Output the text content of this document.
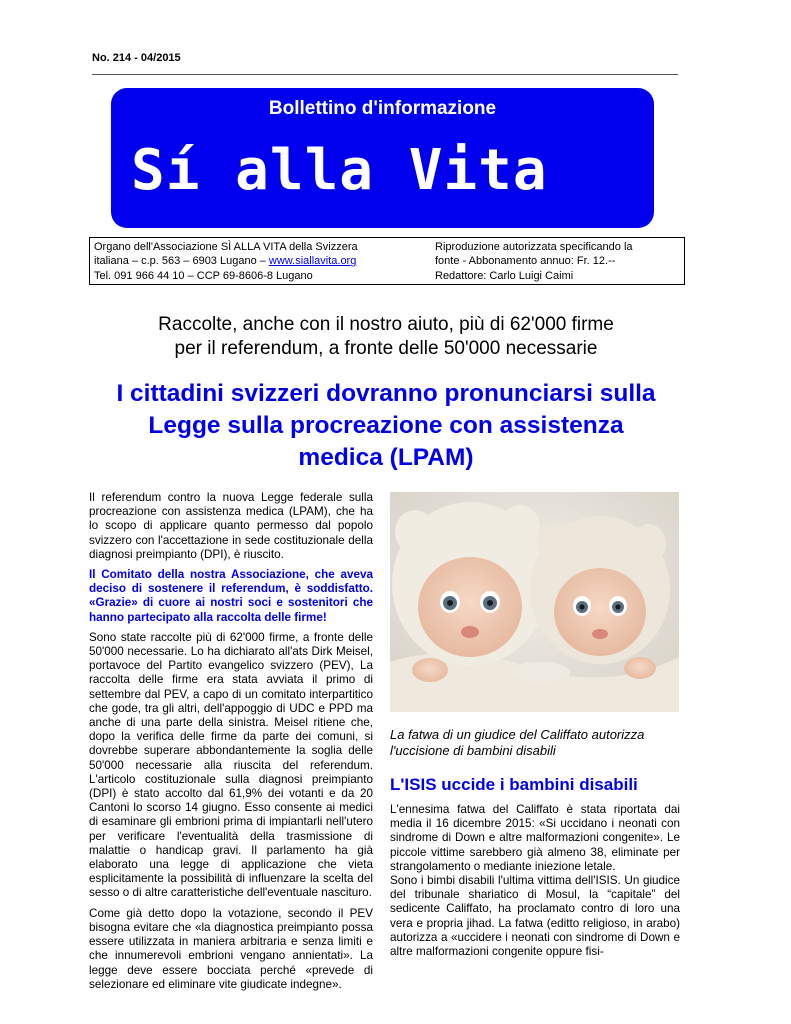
No. 214 - 04/2015
Bollettino d'informazione
Sí alla Vita
Organo dell'Associazione SÌ ALLA VITA della Svizzera
italiana – c.p. 563 – 6903 Lugano – www.siallavita.org
Tel. 091 966 44 10 – CCP 69-8606-8 Lugano
Riproduzione autorizzata specificando la
fonte - Abbonamento annuo: Fr. 12.--
Redattore: Carlo Luigi Caimi
Raccolte, anche con il nostro aiuto, più di 62'000 firme
per il referendum, a fronte delle 50'000 necessarie
I cittadini svizzeri dovranno pronunciarsi sulla
Legge sulla procreazione con assistenza
medica (LPAM)

Il referendum contro la nuova Legge federale sulla procreazione con assistenza medica (LPAM), che ha lo scopo di applicare quanto permesso dal popolo svizzero con l'accettazione in sede costituzionale della diagnosi preimpianto (DPI), è riuscito.

Il Comitato della nostra Associazione, che aveva deciso di sostenere il referendum, è soddisfatto. «Grazie» di cuore ai nostri soci e sostenitori che hanno partecipato alla raccolta delle firme!

Sono state raccolte più di 62'000 firme, a fronte delle 50'000 necessarie. Lo ha dichiarato all'ats Dirk Meisel, portavoce del Partito evangelico svizzero (PEV), La raccolta delle firme era stata avviata il primo di settembre dal PEV, a capo di un comitato interpartitico che gode, tra gli altri, dell'appoggio di UDC e PPD ma anche di una parte della sinistra. Meisel ritiene che, dopo la verifica delle firme da parte dei comuni, si dovrebbe superare abbondantemente la soglia delle 50'000 necessarie alla riuscita del referendum. L'articolo costituzionale sulla diagnosi preimpianto (DPI) è stato accolto dal 61,9% dei votanti e da 20 Cantoni lo scorso 14 giugno. Esso consente ai medici di esaminare gli embrioni prima di impiantarli nell'utero per verificare l'eventualità della trasmissione di malattie o handicap gravi. Il parlamento ha già elaborato una legge di applicazione che vieta esplicitamente la possibilità di influenzare la scelta del sesso o di altre caratteristiche dell'eventuale nascituro.

Come già detto dopo la votazione, secondo il PEV bisogna evitare che «la diagnostica preimpianto possa essere utilizzata in maniera arbitraria e senza limiti e che innumerevoli embrioni vengano annientati». La legge deve essere bocciata perché «prevede di selezionare ed eliminare vite giudicate indegne».

La fatwa di un giudice del Califfato autorizza l'uccisione di bambini disabili
L'ISIS uccide i bambini disabili

L'ennesima fatwa del Califfato è stata riportata dai media il 16 dicembre 2015: «Si uccidano i neonati con sindrome di Down e altre malformazioni congenite». Le piccole vittime sarebbero già almeno 38, eliminate per strangolamento o mediante iniezione letale.

Sono i bimbi disabili l'ultima vittima dell'ISIS. Un giudice del tribunale shariatico di Mosul, la “capitale” del sedicente Califfato, ha proclamato contro di loro una vera e propria jihad. La fatwa (editto religioso, in arabo) autorizza a «uccidere i neonati con sindrome di Down e altre malformazioni congenite oppure fisi-
